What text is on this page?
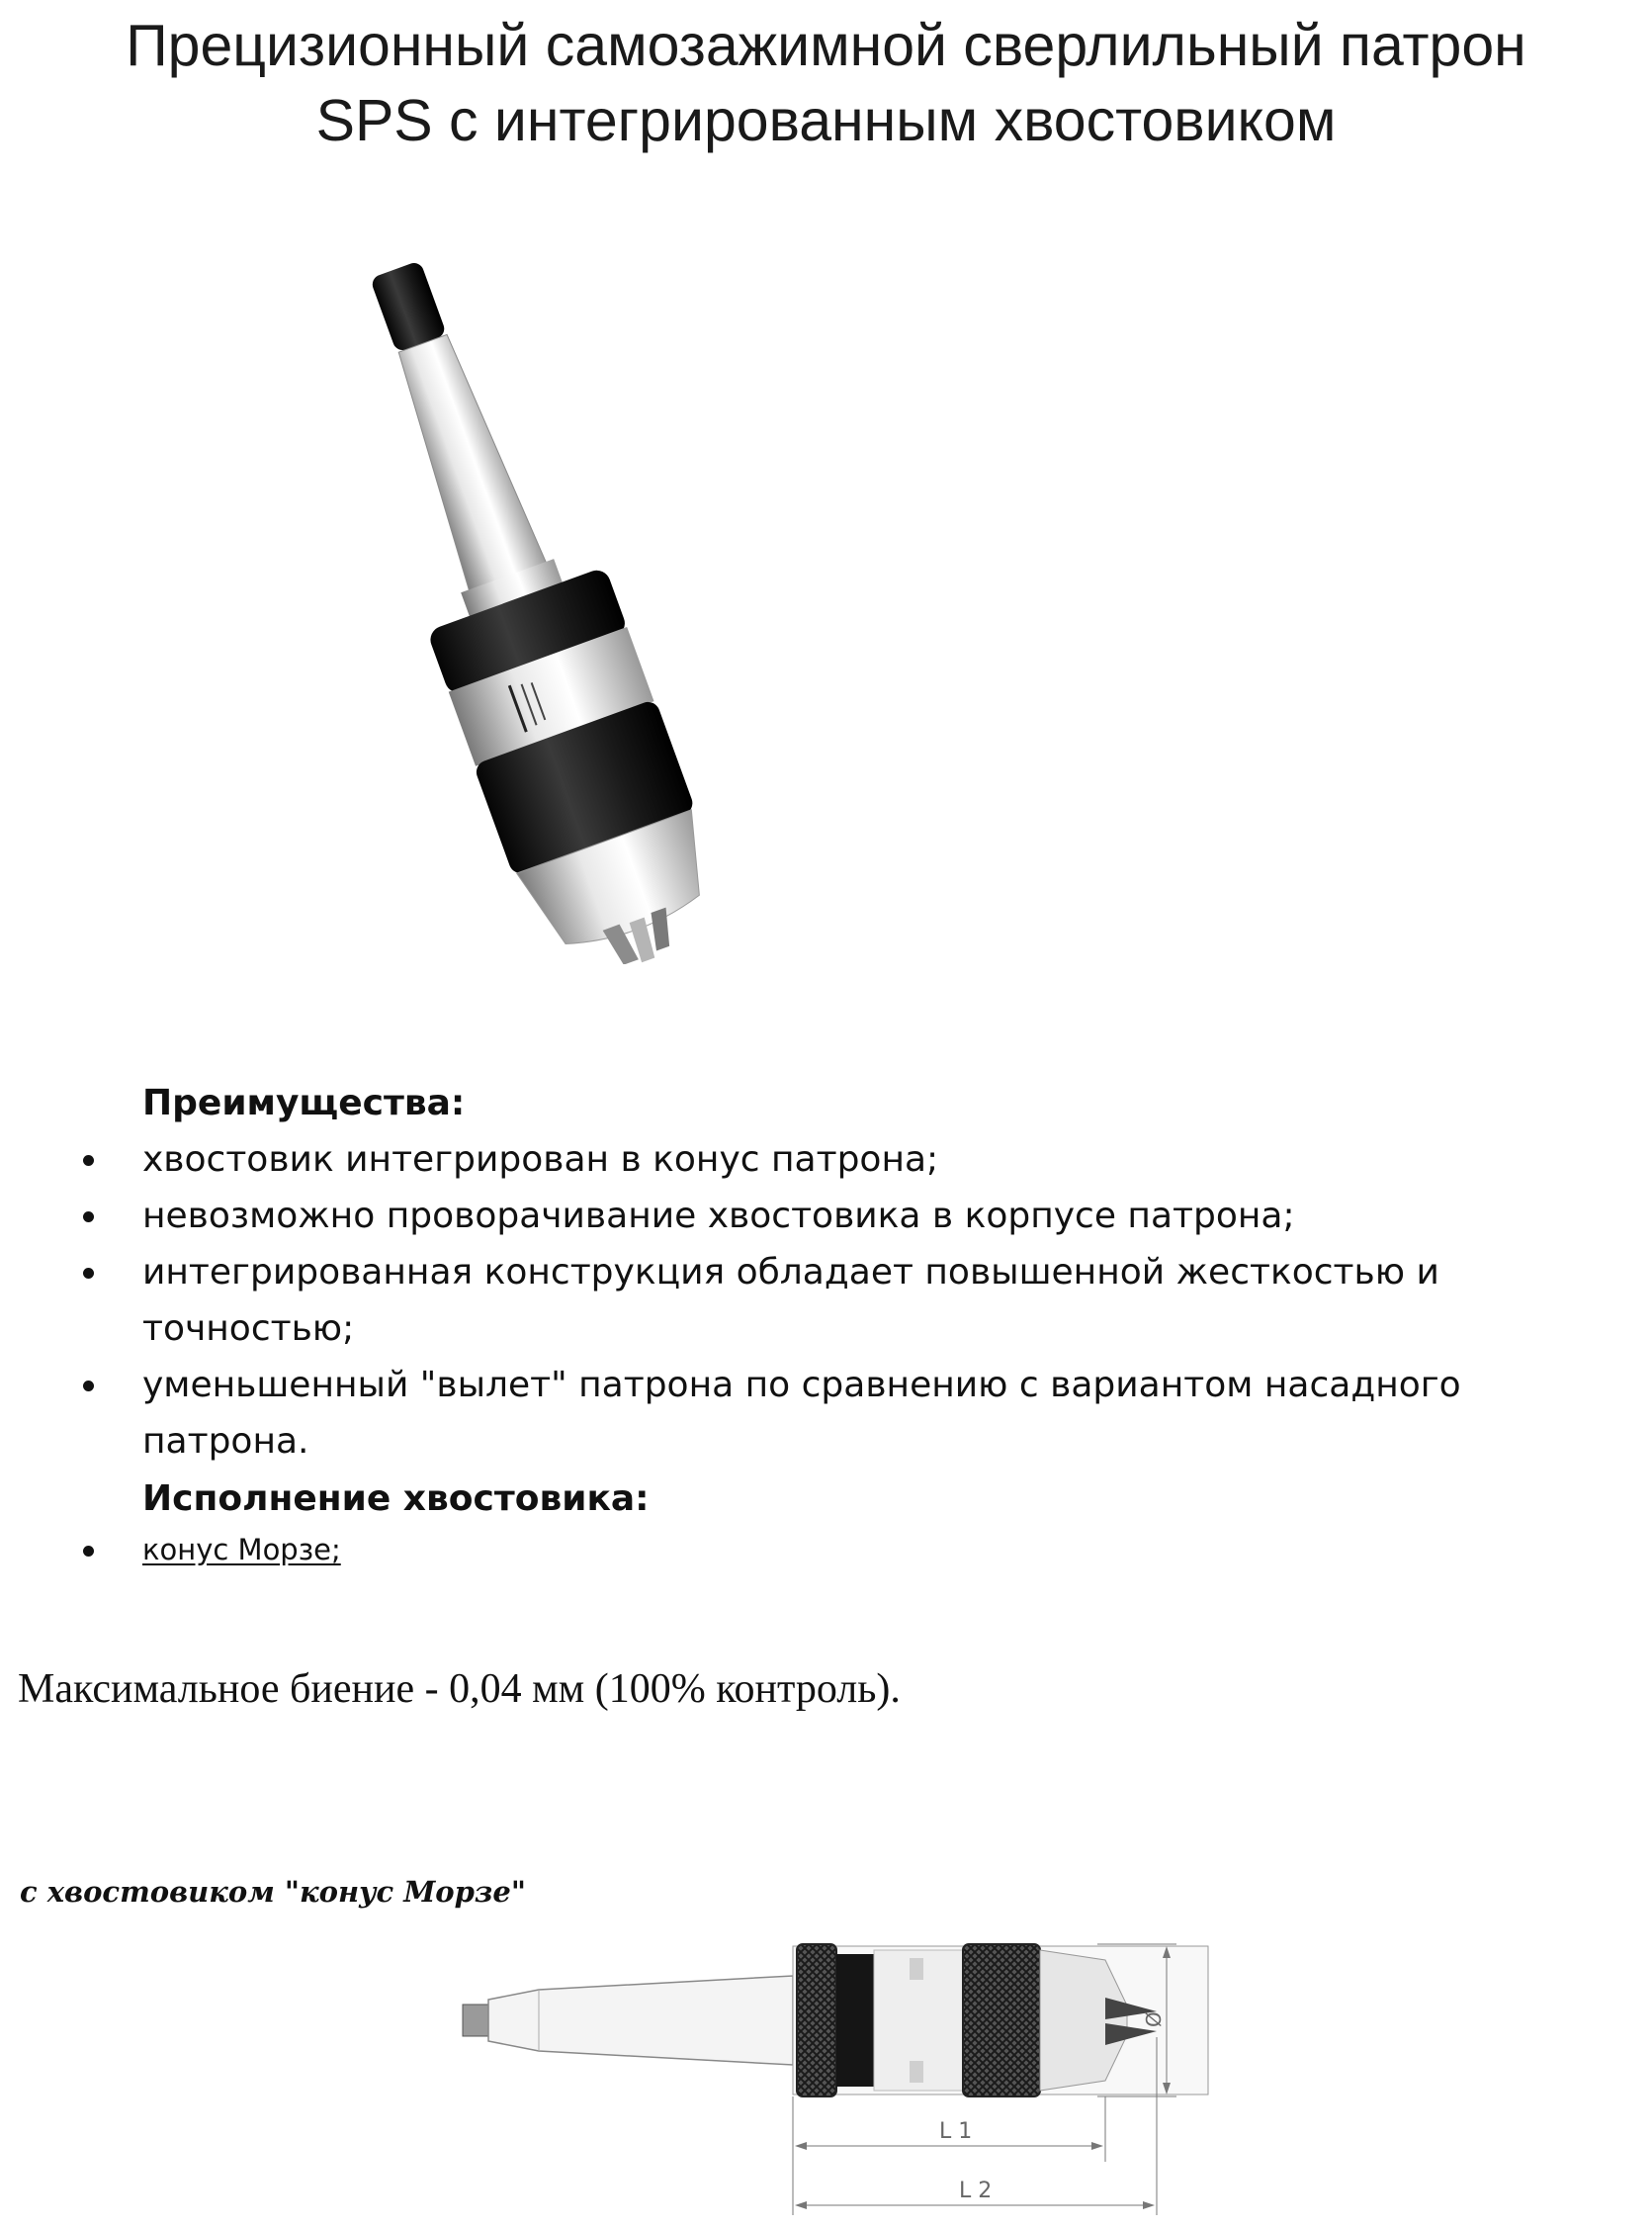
Прецизионный самозажимной сверлильный патрон
SPS с интегрированным хвостовиком
Преимущества:
хвостовик интегрирован в конус патрона;
невозможно проворачивание хвостовика в корпусе патрона;
интегрированная конструкция обладает повышенной жесткостью и точностью;
уменьшенный "вылет" патрона по сравнению с вариантом насадного патрона.
Исполнение хвостовика:
конус Морзе;

Максимальное биение - 0,04 мм (100% контроль).

с хвостовиком "конус Морзе"

Ø
L 1
L 2
